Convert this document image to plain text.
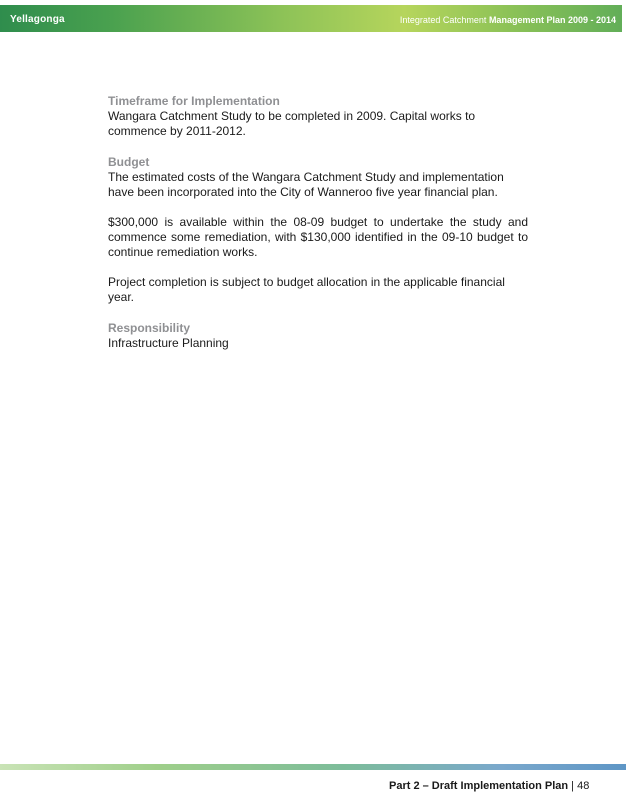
Yellagonga	Integrated Catchment Management Plan 2009 - 2014

Timeframe for Implementation

Wangara Catchment Study to be completed in 2009. Capital works to commence by 2011-2012.

Budget

The estimated costs of the Wangara Catchment Study and implementation have been incorporated into the City of Wanneroo five year financial plan.

$300,000 is available within the 08-09 budget to undertake the study and commence some remediation, with $130,000 identified in the 09-10 budget to continue remediation works.

Project completion is subject to budget allocation in the applicable financial year.

Responsibility

Infrastructure Planning

Part 2 – Draft Implementation Plan | 48
